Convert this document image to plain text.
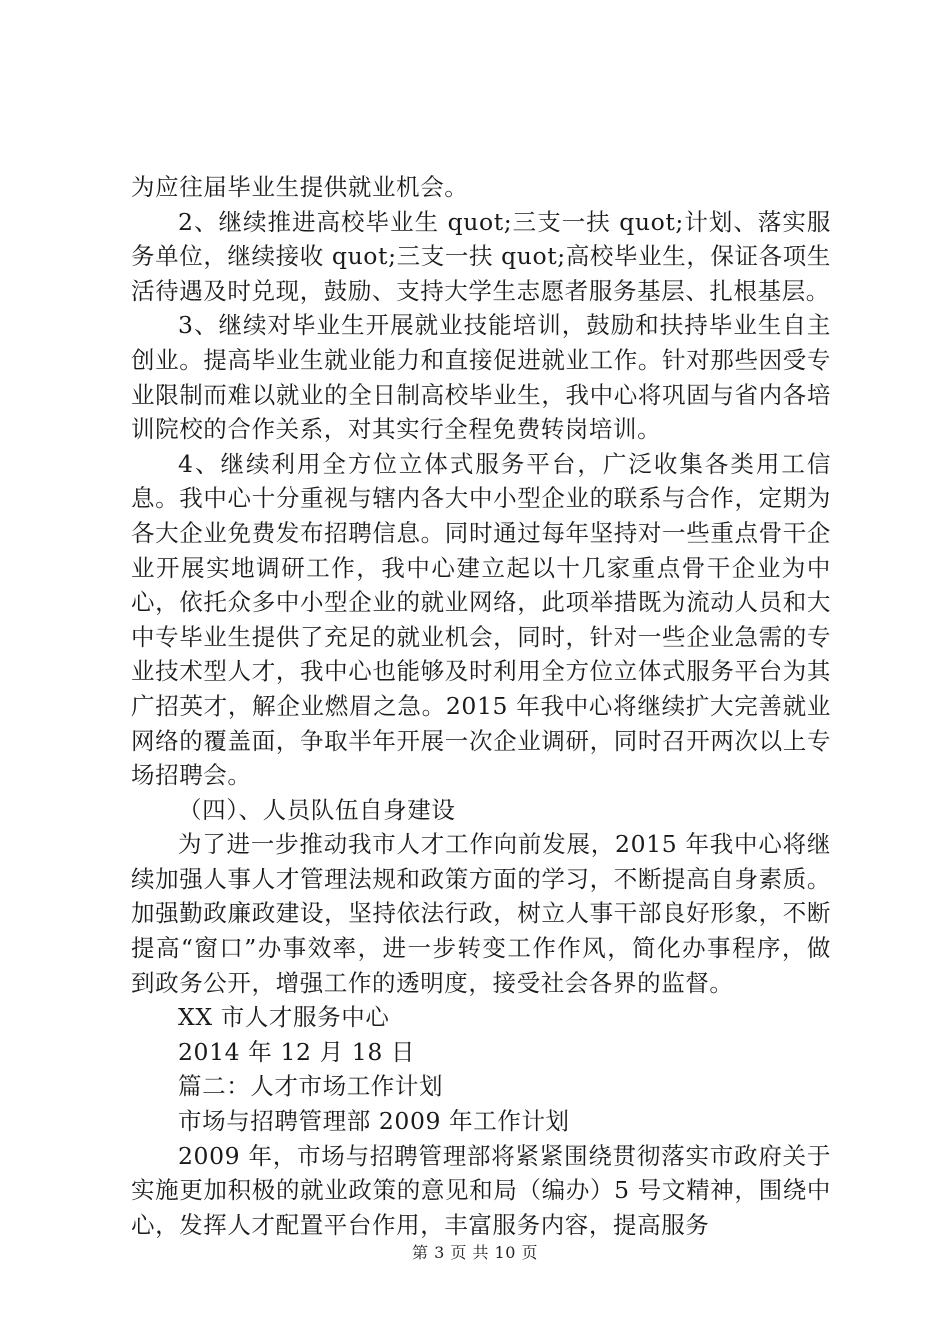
为应往届毕业生提供就业机会。

2、继续推进高校毕业生 quot;三支一扶 quot;计划、落实服务单位，继续接收 quot;三支一扶 quot;高校毕业生，保证各项生活待遇及时兑现，鼓励、支持大学生志愿者服务基层、扎根基层。

3、继续对毕业生开展就业技能培训，鼓励和扶持毕业生自主创业。提高毕业生就业能力和直接促进就业工作。针对那些因受专业限制而难以就业的全日制高校毕业生，我中心将巩固与省内各培训院校的合作关系，对其实行全程免费转岗培训。

4、继续利用全方位立体式服务平台，广泛收集各类用工信息。我中心十分重视与辖内各大中小型企业的联系与合作，定期为各大企业免费发布招聘信息。同时通过每年坚持对一些重点骨干企业开展实地调研工作，我中心建立起以十几家重点骨干企业为中心，依托众多中小型企业的就业网络，此项举措既为流动人员和大中专毕业生提供了充足的就业机会，同时，针对一些企业急需的专业技术型人才，我中心也能够及时利用全方位立体式服务平台为其广招英才，解企业燃眉之急。2015 年我中心将继续扩大完善就业网络的覆盖面，争取半年开展一次企业调研，同时召开两次以上专场招聘会。

（四）、人员队伍自身建设

为了进一步推动我市人才工作向前发展，2015 年我中心将继续加强人事人才管理法规和政策方面的学习，不断提高自身素质。加强勤政廉政建设，坚持依法行政，树立人事干部良好形象，不断提高“窗口”办事效率，进一步转变工作作风，简化办事程序，做到政务公开，增强工作的透明度，接受社会各界的监督。

XX 市人才服务中心

2014 年 12 月 18 日

篇二：人才市场工作计划

市场与招聘管理部 2009 年工作计划

2009 年，市场与招聘管理部将紧紧围绕贯彻落实市政府关于实施更加积极的就业政策的意见和局（编办）5 号文精神，围绕中心，发挥人才配置平台作用，丰富服务内容，提高服务

第 3 页 共 10 页
